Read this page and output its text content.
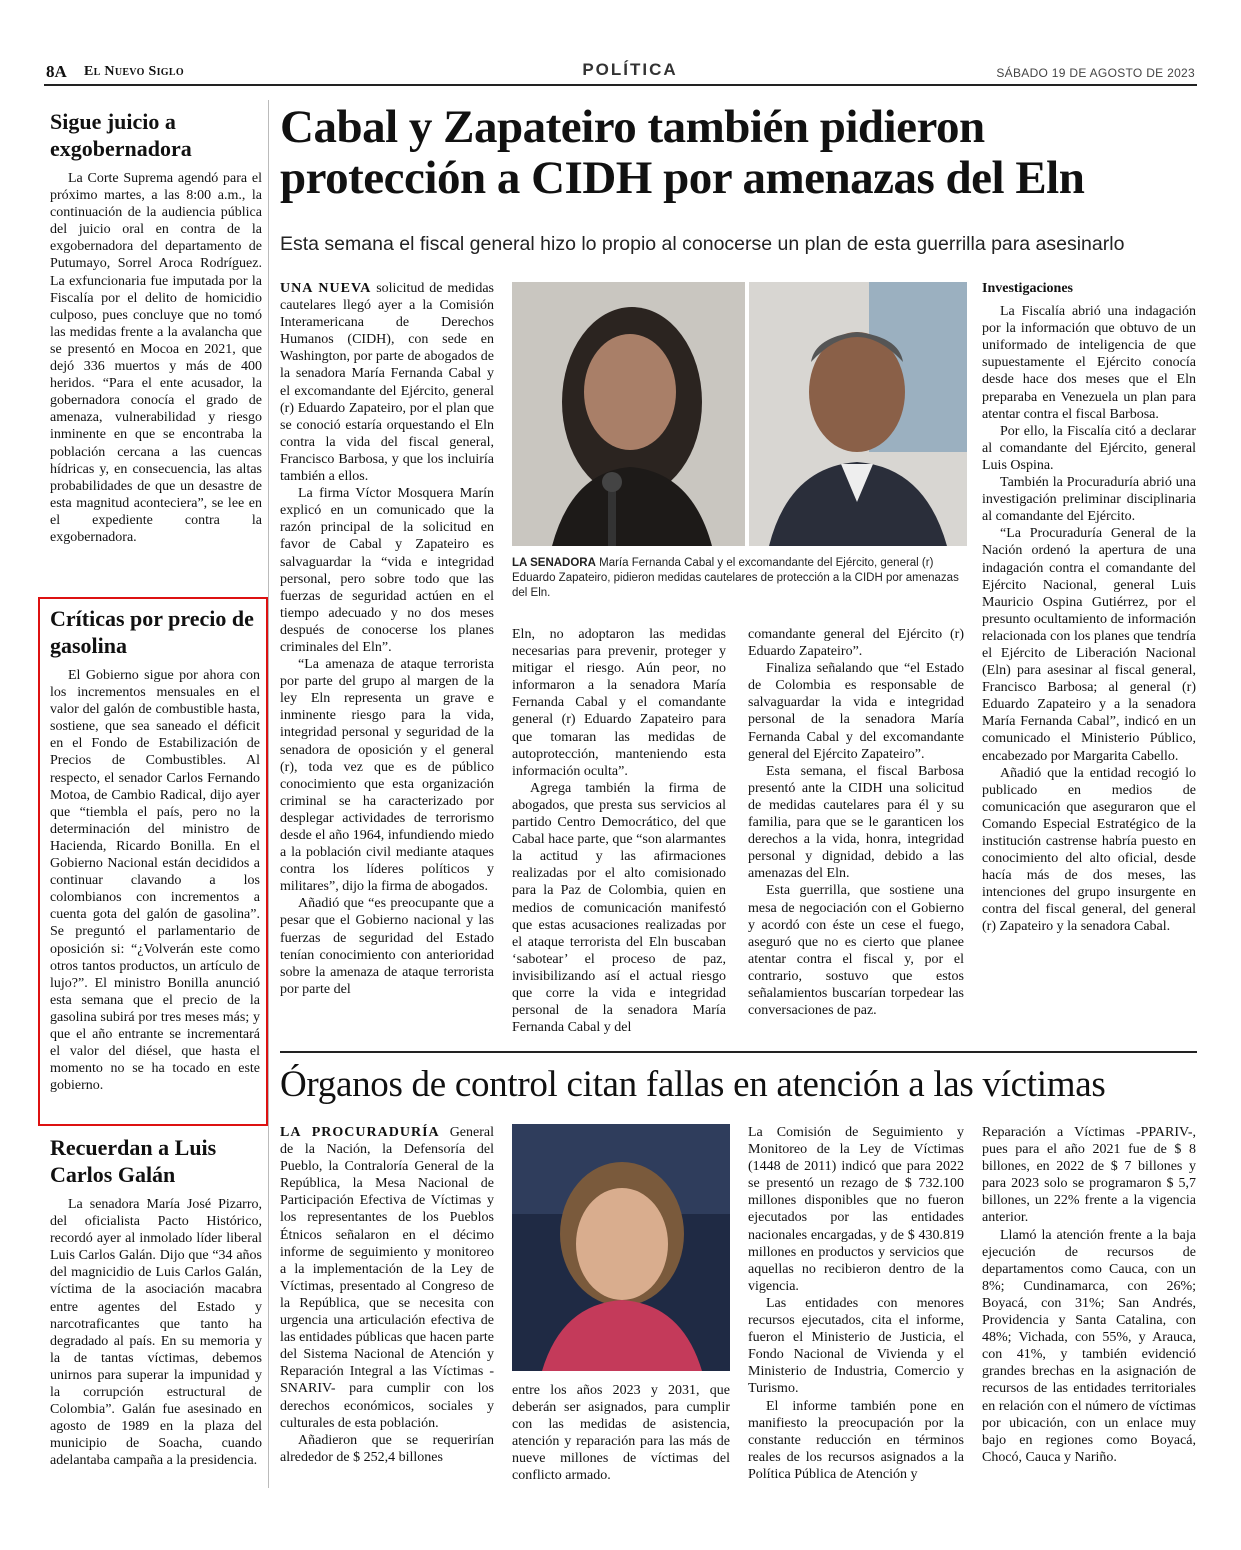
8A El Nuevo Siglo	POLÍTICA	SÁBADO 19 DE AGOSTO DE 2023
Sigue juicio a exgobernadora

La Corte Suprema agendó para el próximo martes, a las 8:00 a.m., la continuación de la audiencia pública del juicio oral en contra de la exgobernadora del departamento de Putumayo, Sorrel Aroca Rodríguez. La exfuncionaria fue imputada por la Fiscalía por el delito de homicidio culposo, pues concluye que no tomó las medidas frente a la avalancha que se presentó en Mocoa en 2021, que dejó 336 muertos y más de 400 heridos. “Para el ente acusador, la gobernadora conocía el grado de amenaza, vulnerabilidad y riesgo inminente en que se encontraba la población cercana a las cuencas hídricas y, en consecuencia, las altas probabilidades de que un desastre de esta magnitud aconteciera”, se lee en el expediente contra la exgobernadora.

Críticas por precio de gasolina

El Gobierno sigue por ahora con los incrementos mensuales en el valor del galón de combustible hasta, sostiene, que sea saneado el déficit en el Fondo de Estabilización de Precios de Combustibles. Al respecto, el senador Carlos Fernando Motoa, de Cambio Radical, dijo ayer que “tiembla el país, pero no la determinación del ministro de Hacienda, Ricardo Bonilla. En el Gobierno Nacional están decididos a continuar clavando a los colombianos con incrementos a cuenta gota del galón de gasolina”. Se preguntó el parlamentario de oposición si: “¿Volverán este como otros tantos productos, un artículo de lujo?”. El ministro Bonilla anunció esta semana que el precio de la gasolina subirá por tres meses más; y que el año entrante se incrementará el valor del diésel, que hasta el momento no se ha tocado en este gobierno.

Recuerdan a Luis Carlos Galán

La senadora María José Pizarro, del oficialista Pacto Histórico, recordó ayer al inmolado líder liberal Luis Carlos Galán. Dijo que “34 años del magnicidio de Luis Carlos Galán, víctima de la asociación macabra entre agentes del Estado y narcotraficantes que tanto ha degradado al país. En su memoria y la de tantas víctimas, debemos unirnos para superar la impunidad y la corrupción estructural de Colombia”. Galán fue asesinado en agosto de 1989 en la plaza del municipio de Soacha, cuando adelantaba campaña a la presidencia.

Cabal y Zapateiro también pidieron protección a CIDH por amenazas del Eln
Esta semana el fiscal general hizo lo propio al conocerse un plan de esta guerrilla para asesinarlo

UNA NUEVA solicitud de medidas cautelares llegó ayer a la Comisión Interamericana de Derechos Humanos (CIDH), con sede en Washington, por parte de abogados de la senadora María Fernanda Cabal y el excomandante del Ejército, general (r) Eduardo Zapateiro, por el plan que se conoció estaría orquestando el Eln contra la vida del fiscal general, Francisco Barbosa, y que los incluiría también a ellos.

La firma Víctor Mosquera Marín explicó en un comunicado que la razón principal de la solicitud en favor de Cabal y Zapateiro es salvaguardar la “vida e integridad personal, pero sobre todo que las fuerzas de seguridad actúen en el tiempo adecuado y no dos meses después de conocerse los planes criminales del Eln”.

“La amenaza de ataque terrorista por parte del grupo al margen de la ley Eln representa un grave e inminente riesgo para la vida, integridad personal y seguridad de la senadora de oposición y el general (r), toda vez que es de público conocimiento que esta organización criminal se ha caracterizado por desplegar actividades de terrorismo desde el año 1964, infundiendo miedo a la población civil mediante ataques contra los líderes políticos y militares”, dijo la firma de abogados.

Añadió que “es preocupante que a pesar que el Gobierno nacional y las fuerzas de seguridad del Estado tenían conocimiento con anterioridad sobre la amenaza de ataque terrorista por parte del

LA SENADORA María Fernanda Cabal y el excomandante del Ejército, general (r) Eduardo Zapateiro, pidieron medidas cautelares de protección a la CIDH por amenazas del Eln.

Eln, no adoptaron las medidas necesarias para prevenir, proteger y mitigar el riesgo. Aún peor, no informaron a la senadora María Fernanda Cabal y el comandante general (r) Eduardo Zapateiro para que tomaran las medidas de autoprotección, manteniendo esta información oculta”.

Agrega también la firma de abogados, que presta sus servicios al partido Centro Democrático, del que Cabal hace parte, que “son alarmantes la actitud y las afirmaciones realizadas por el alto comisionado para la Paz de Colombia, quien en medios de comunicación manifestó que estas acusaciones realizadas por el ataque terrorista del Eln buscaban ‘sabotear’ el proceso de paz, invisibilizando así el actual riesgo que corre la vida e integridad personal de la senadora María Fernanda Cabal y del

comandante general del Ejército (r) Eduardo Zapateiro”.

Finaliza señalando que “el Estado de Colombia es responsable de salvaguardar la vida e integridad personal de la senadora María Fernanda Cabal y del excomandante general del Ejército Zapateiro”.

Esta semana, el fiscal Barbosa presentó ante la CIDH una solicitud de medidas cautelares para él y su familia, para que se le garanticen los derechos a la vida, honra, integridad personal y dignidad, debido a las amenazas del Eln.

Esta guerrilla, que sostiene una mesa de negociación con el Gobierno y acordó con éste un cese el fuego, aseguró que no es cierto que planee atentar contra el fiscal y, por el contrario, sostuvo que estos señalamientos buscarían torpedear las conversaciones de paz.

Investigaciones

La Fiscalía abrió una indagación por la información que obtuvo de un uniformado de inteligencia de que supuestamente el Ejército conocía desde hace dos meses que el Eln preparaba en Venezuela un plan para atentar contra el fiscal Barbosa.

Por ello, la Fiscalía citó a declarar al comandante del Ejército, general Luis Ospina.

También la Procuraduría abrió una investigación preliminar disciplinaria al comandante del Ejército.

“La Procuraduría General de la Nación ordenó la apertura de una indagación contra el comandante del Ejército Nacional, general Luis Mauricio Ospina Gutiérrez, por el presunto ocultamiento de información relacionada con los planes que tendría el Ejército de Liberación Nacional (Eln) para asesinar al fiscal general, Francisco Barbosa; al general (r) Eduardo Zapateiro y a la senadora María Fernanda Cabal”, indicó en un comunicado el Ministerio Público, encabezado por Margarita Cabello.

Añadió que la entidad recogió lo publicado en medios de comunicación que aseguraron que el Comando Especial Estratégico de la institución castrense habría puesto en conocimiento del alto oficial, desde hacía más de dos meses, las intenciones del grupo insurgente en contra del fiscal general, del general (r) Zapateiro y la senadora Cabal.

Órganos de control citan fallas en atención a las víctimas

LA PROCURADURÍA General de la Nación, la Defensoría del Pueblo, la Contraloría General de la República, la Mesa Nacional de Participación Efectiva de Víctimas y los representantes de los Pueblos Étnicos señalaron en el décimo informe de seguimiento y monitoreo a la implementación de la Ley de Víctimas, presentado al Congreso de la República, que se necesita con urgencia una articulación efectiva de las entidades públicas que hacen parte del Sistema Nacional de Atención y Reparación Integral a las Víctimas -SNARIV- para cumplir con los derechos económicos, sociales y culturales de esta población.

Añadieron que se requerirían alrededor de $ 252,4 billones

entre los años 2023 y 2031, que deberán ser asignados, para cumplir con las medidas de asistencia, atención y reparación para las más de nueve millones de víctimas del conflicto armado.

La Comisión de Seguimiento y Monitoreo de la Ley de Víctimas (1448 de 2011) indicó que para 2022 se presentó un rezago de $ 732.100 millones disponibles que no fueron ejecutados por las entidades nacionales encargadas, y de $ 430.819 millones en productos y servicios que aquellas no recibieron dentro de la vigencia.

Las entidades con menores recursos ejecutados, cita el informe, fueron el Ministerio de Justicia, el Fondo Nacional de Vivienda y el Ministerio de Industria, Comercio y Turismo.

El informe también pone en manifiesto la preocupación por la constante reducción en términos reales de los recursos asignados a la Política Pública de Atención y

Reparación a Víctimas -PPARIV-, pues para el año 2021 fue de $ 8 billones, en 2022 de $ 7 billones y para 2023 solo se programaron $ 5,7 billones, un 22% frente a la vigencia anterior.

Llamó la atención frente a la baja ejecución de recursos de departamentos como Cauca, con un 8%; Cundinamarca, con 26%; Boyacá, con 31%; San Andrés, Providencia y Santa Catalina, con 48%; Vichada, con 55%, y Arauca, con 41%, y también evidenció grandes brechas en la asignación de recursos de las entidades territoriales en relación con el número de víctimas por ubicación, con un enlace muy bajo en regiones como Boyacá, Chocó, Cauca y Nariño.
